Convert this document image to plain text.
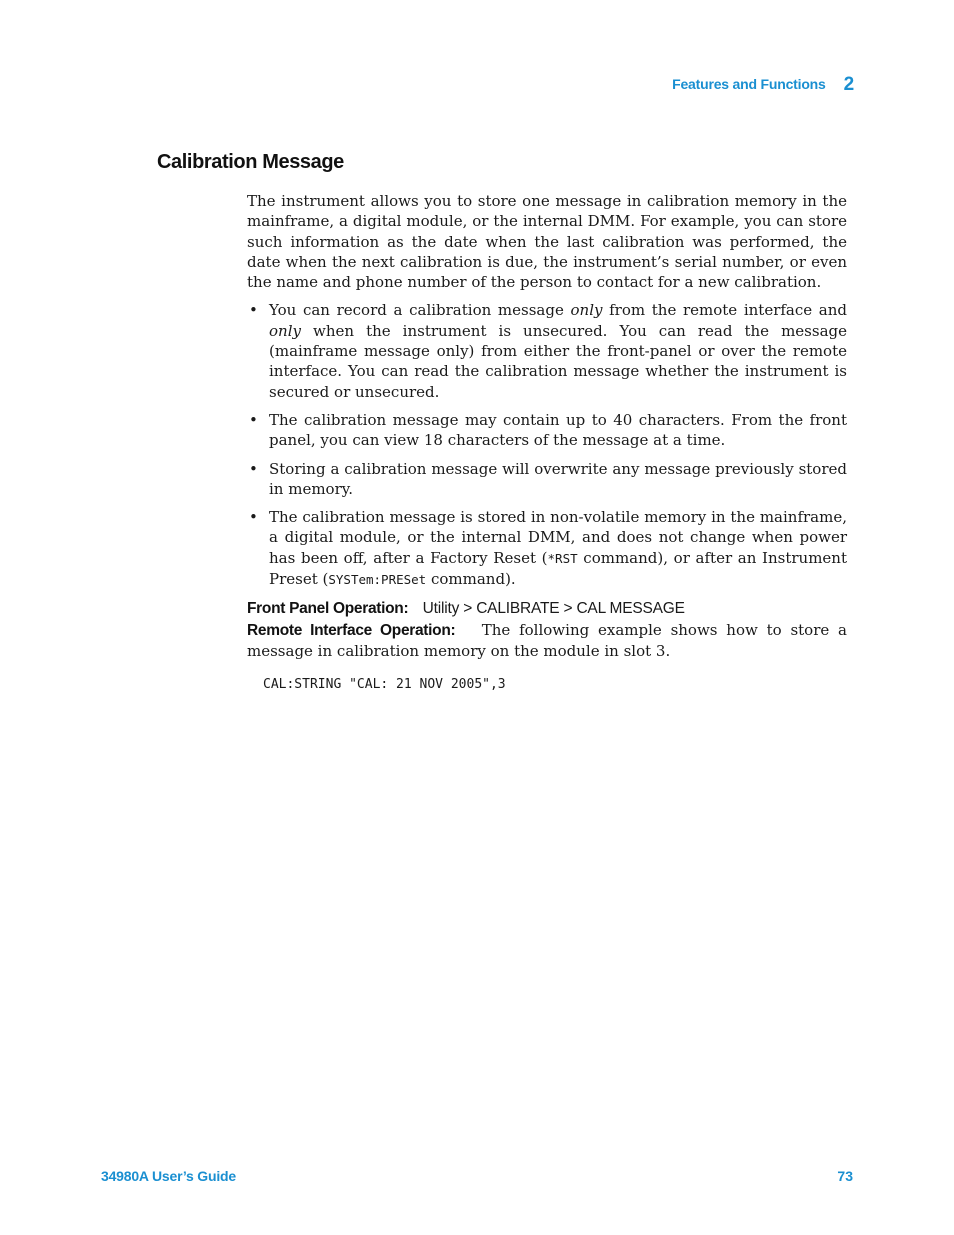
Features and Functions 2
Calibration Message

The instrument allows you to store one message in calibration memory in the mainframe, a digital module, or the internal DMM. For example, you can store such information as the date when the last calibration was performed, the date when the next calibration is due, the instrument’s serial number, or even the name and phone number of the person to contact for a new calibration.

• You can record a calibration message only from the remote interface and only when the instrument is unsecured. You can read the message (mainframe message only) from either the front-panel or over the remote interface. You can read the calibration message whether the instrument is secured or unsecured.
• The calibration message may contain up to 40 characters. From the front panel, you can view 18 characters of the message at a time.
• Storing a calibration message will overwrite any message previously stored in memory.
• The calibration message is stored in non-volatile memory in the mainframe, a digital module, or the internal DMM, and does not change when power has been off, after a Factory Reset (*RST command), or after an Instrument Preset (SYSTem:PRESet command).

Front Panel Operation: Utility > CALIBRATE > CAL MESSAGE

Remote Interface Operation: The following example shows how to store a message in calibration memory on the module in slot 3.

CAL:STRING "CAL: 21 NOV 2005",3
34980A User’s Guide	73
